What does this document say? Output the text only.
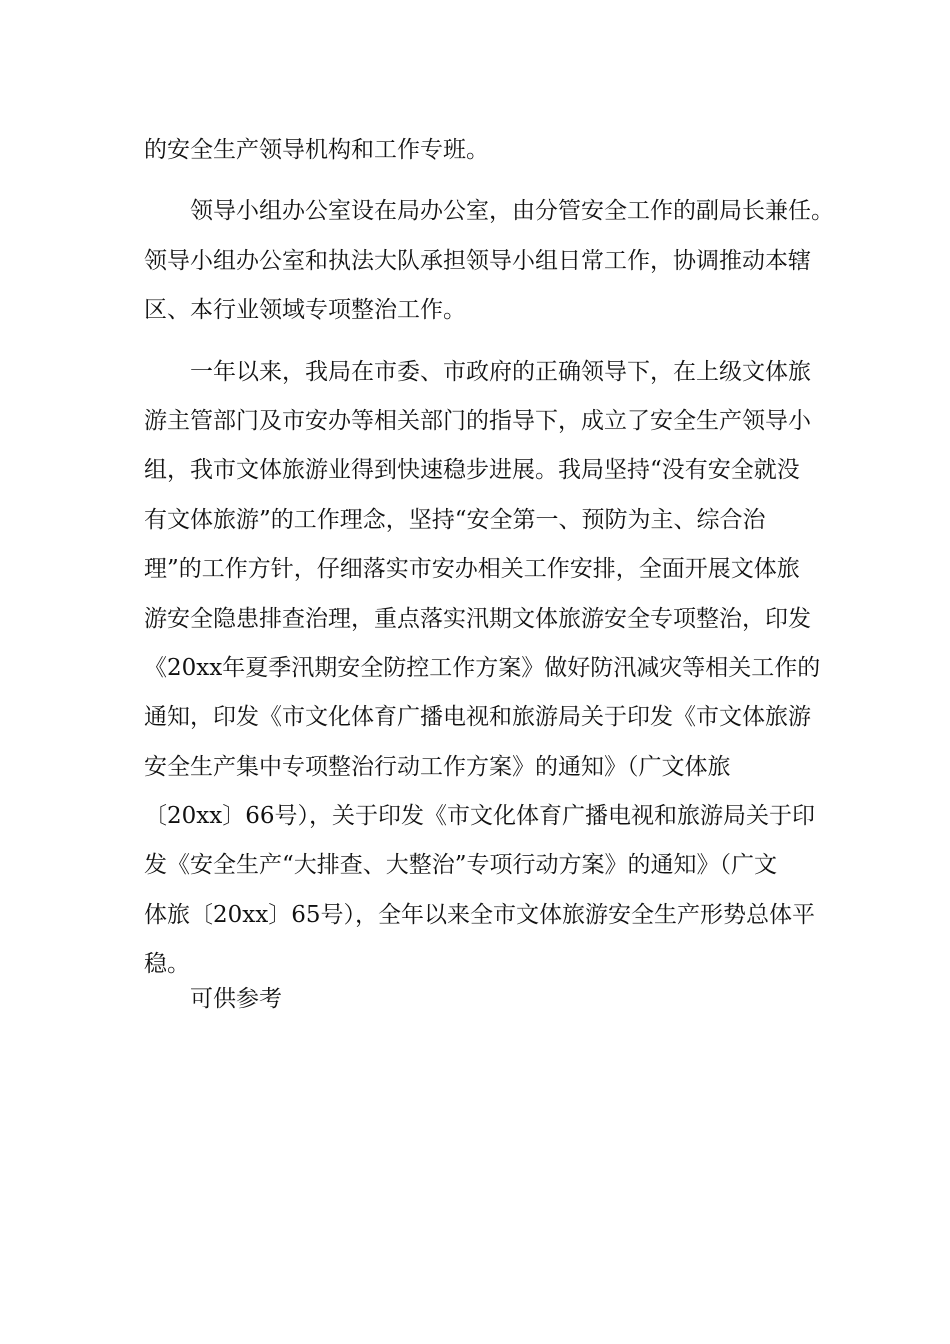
的安全生产领导机构和工作专班。
领导小组办公室设在局办公室，由分管安全工作的副局长兼任。
领导小组办公室和执法大队承担领导小组日常工作，协调推动本辖
区、本行业领域专项整治工作。
一年以来，我局在市委、市政府的正确领导下，在上级文体旅
游主管部门及市安办等相关部门的指导下，成立了安全生产领导小
组，我市文体旅游业得到快速稳步进展。我局坚持“没有安全就没
有文体旅游”的工作理念，坚持“安全第一、预防为主、综合治
理”的工作方针，仔细落实市安办相关工作安排，全面开展文体旅
游安全隐患排查治理，重点落实汛期文体旅游安全专项整治，印发
《20xx年夏季汛期安全防控工作方案》做好防汛减灾等相关工作的
通知，印发《市文化体育广播电视和旅游局关于印发《市文体旅游
安全生产集中专项整治行动工作方案》的通知》（广文体旅
〔20xx〕66号），关于印发《市文化体育广播电视和旅游局关于印
发《安全生产“大排查、大整治”专项行动方案》的通知》（广文
体旅〔20xx〕65号），全年以来全市文体旅游安全生产形势总体平
稳。
可供参考
